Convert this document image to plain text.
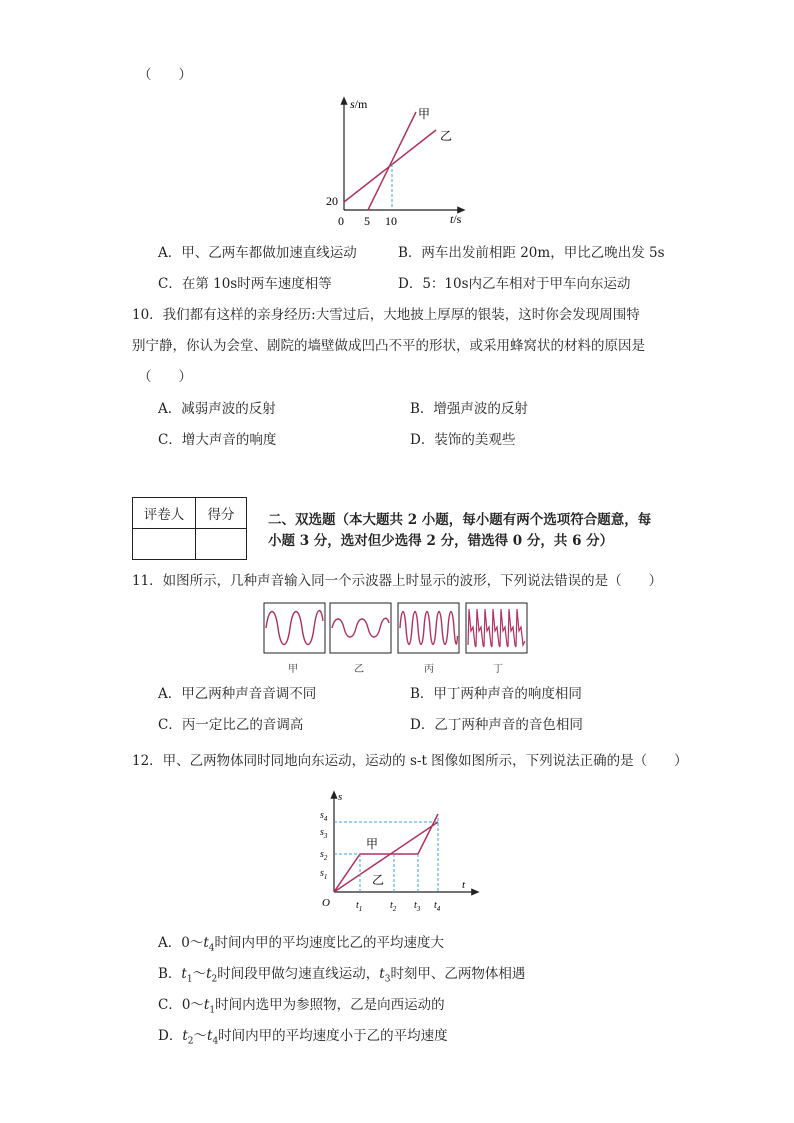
（　　）
s/m
t/s
0
20
5 10
甲
乙
A．甲、乙两车都做加速直线运动	B．两车出发前相距 20m，甲比乙晚出发 5s
C．在第 10s时两车速度相等	D．5：10s内乙车相对于甲车向东运动
10．我们都有这样的亲身经历:大雪过后，大地披上厚厚的银装，这时你会发现周围特
别宁静，你认为会堂、剧院的墙壁做成凹凸不平的形状，或采用蜂窝状的材料的原因是
（　　）
A．减弱声波的反射	B．增强声波的反射
C．增大声音的响度	D．装饰的美观些
评卷人	得分
	二、双选题（本大题共 2 小题，每小题有两个选项符合题意，每
小题 3 分，选对但少选得 2 分，错选得 0 分，共 6 分）
11．如图所示，几种声音输入同一个示波器上时显示的波形，下列说法错误的是（　　）
甲	乙	丙	丁
A．甲乙两种声音音调不同	B．甲丁两种声音的响度相同
C．丙一定比乙的音调高	D．乙丁两种声音的音色相同
12．甲、乙两物体同时同地向东运动，运动的 s-t 图像如图所示，下列说法正确的是（　　）
s
t
O
$s_1$
$s_2$
$s_3$
$s_4$
$t_1$	$t_2$ $t_3$ $t_4$
甲
乙
A．$0\sim t_4$时间内甲的平均速度比乙的平均速度大
B．$t_1\sim t_2$时间段甲做匀速直线运动，$t_3$时刻甲、乙两物体相遇
C．$0\sim t_1$时间内选甲为参照物，乙是向西运动的
D．$t_2\sim t_4$时间内甲的平均速度小于乙的平均速度
